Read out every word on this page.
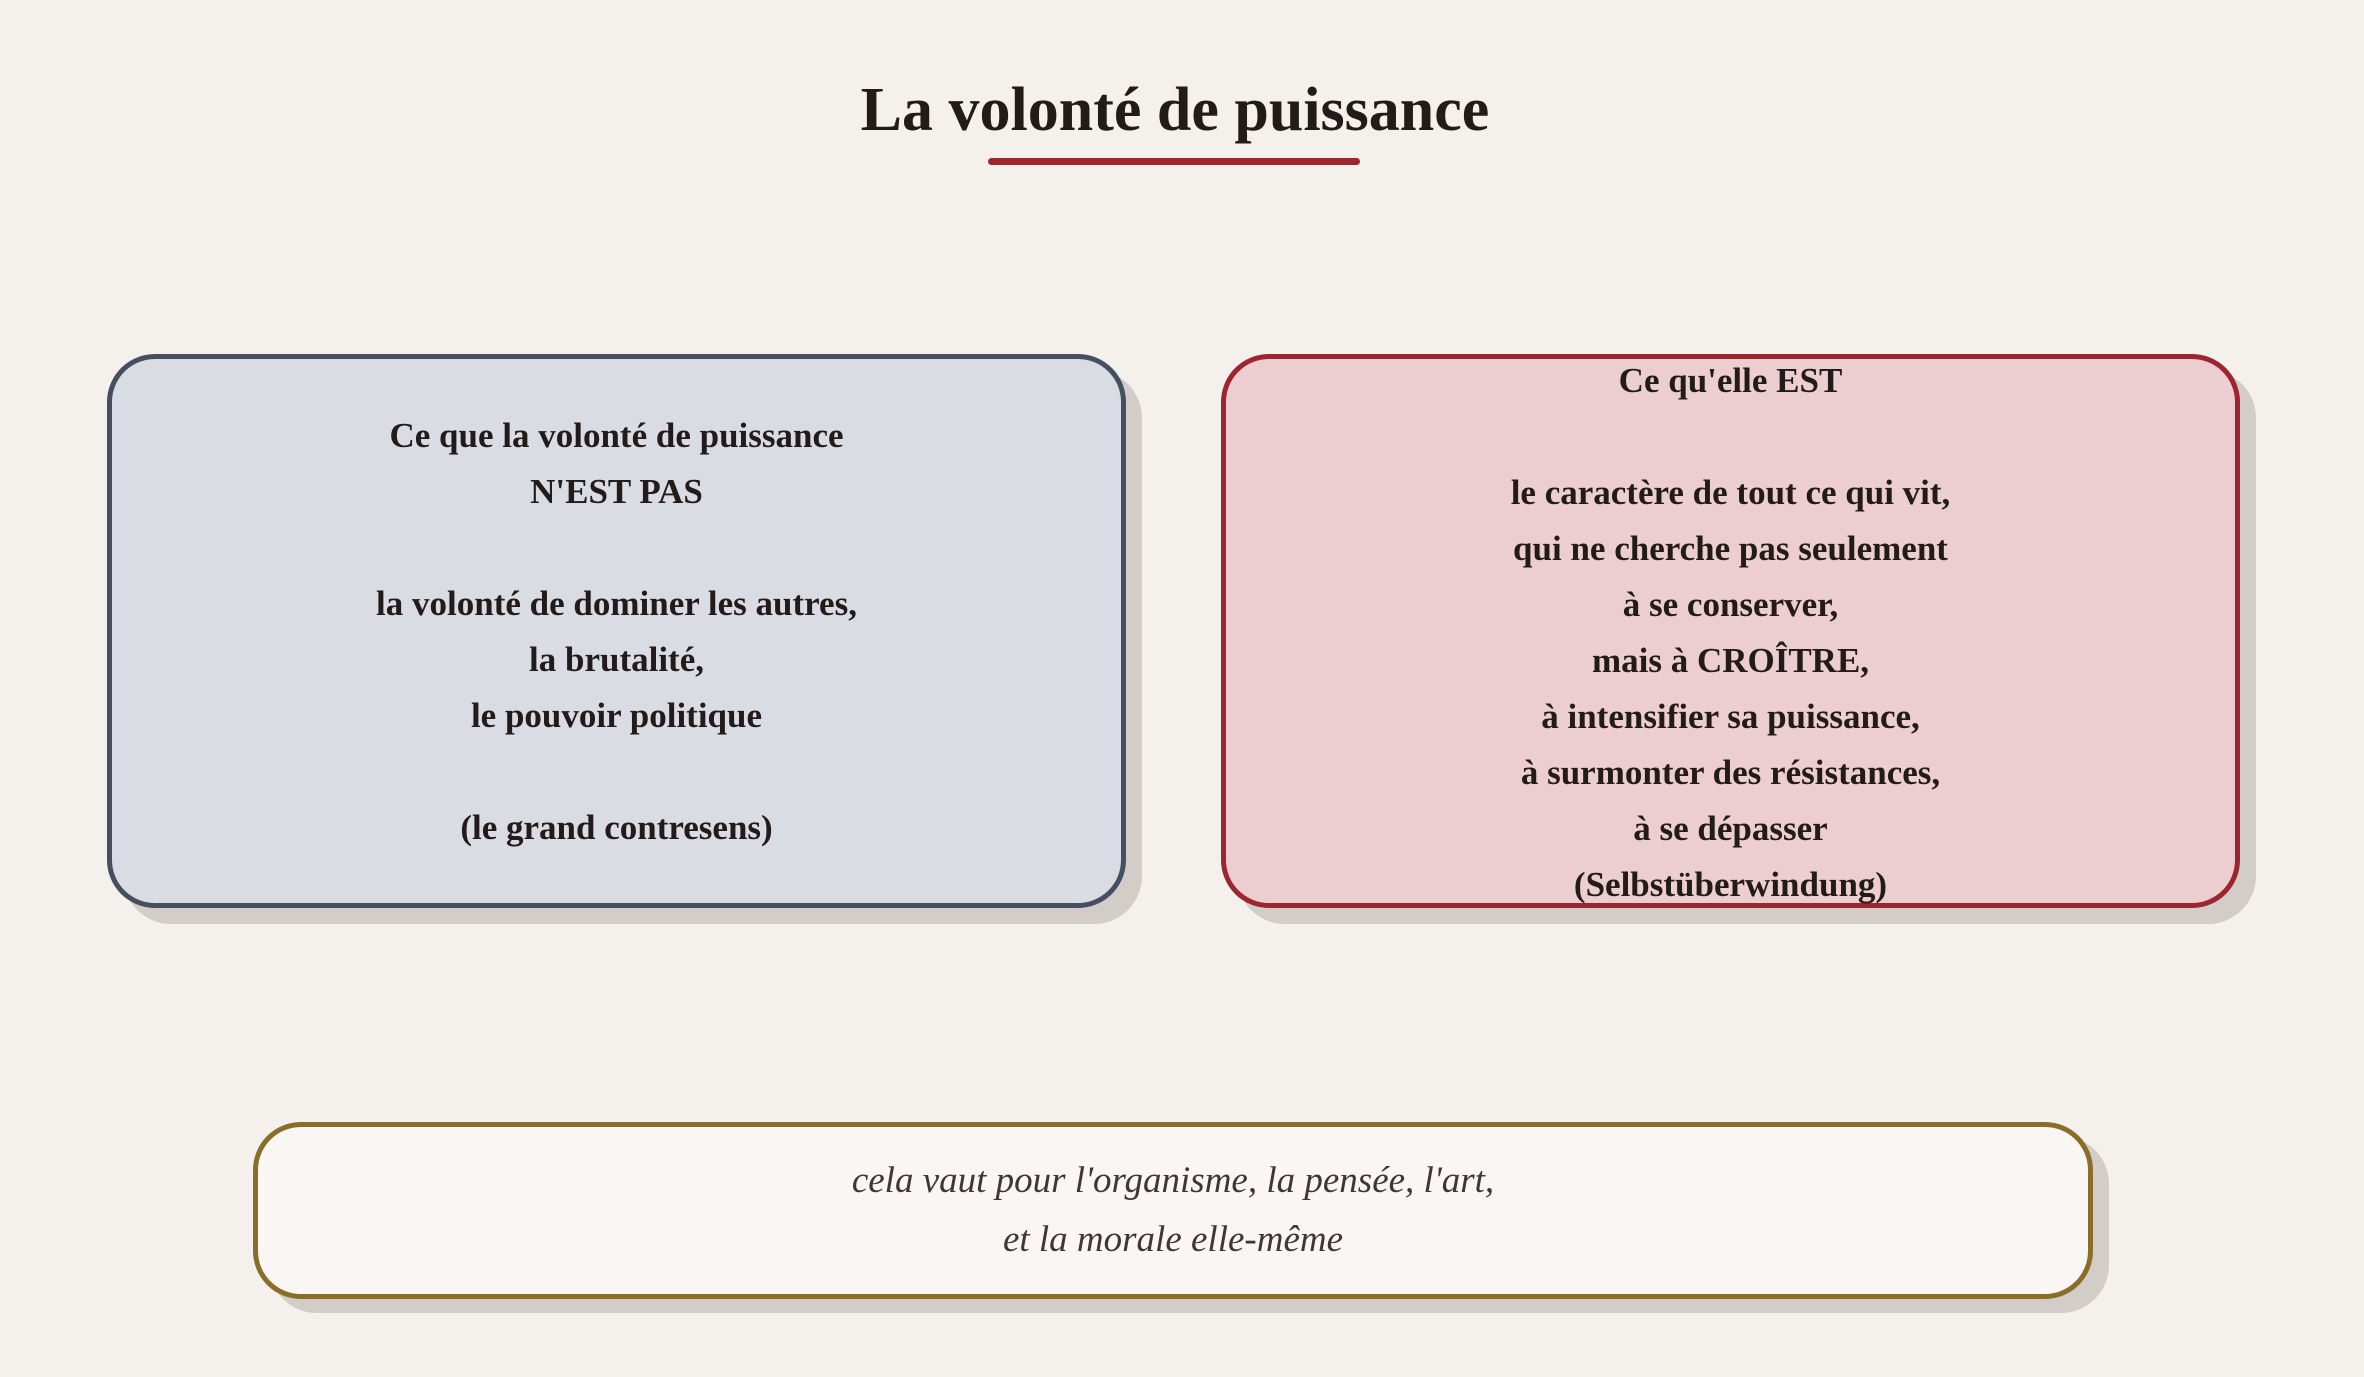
La volonté de puissance
Ce que la volonté de puissance
N'EST PAS
la volonté de dominer les autres,
la brutalité,
le pouvoir politique
(le grand contresens)
Ce qu'elle EST
le caractère de tout ce qui vit,
qui ne cherche pas seulement
à se conserver,
mais à CROÎTRE,
à intensifier sa puissance,
à surmonter des résistances,
à se dépasser
(Selbstüberwindung)
cela vaut pour l'organisme, la pensée, l'art,
et la morale elle-même
